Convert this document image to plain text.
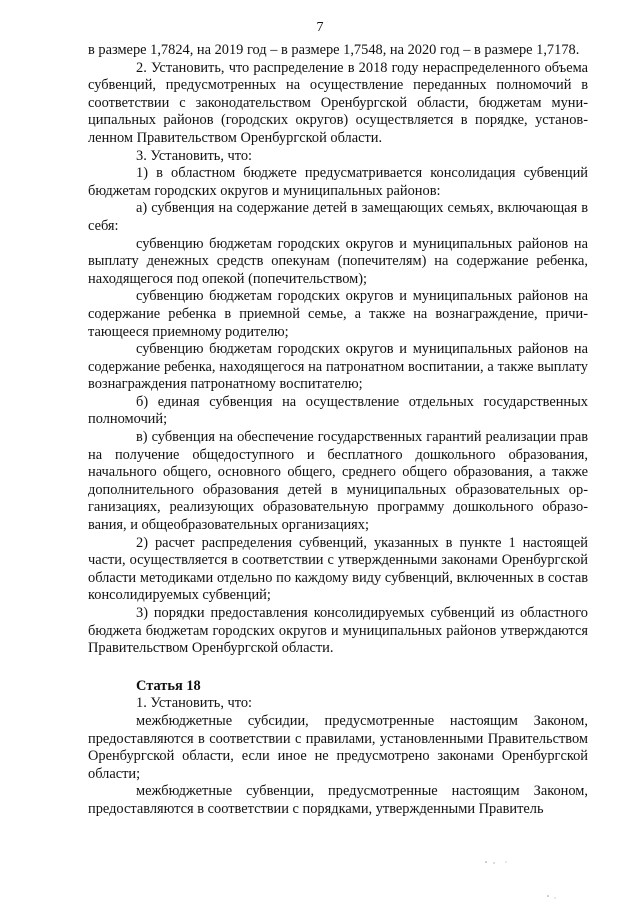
7

в размере 1,7824, на 2019 год – в размере 1,7548, на 2020 год – в размере 1,7178.

2. Установить, что распределение в 2018 году нераспределенного объема субвенций, предусмотренных на осуществление переданных полномочий в соответствии с законодательством Оренбургской области, бюджетам муниципальных районов (городских округов) осуществляется в порядке, установленном Правительством Оренбургской области.

3. Установить, что:

1) в областном бюджете предусматривается консолидация субвенций бюджетам городских округов и муниципальных районов:

а) субвенция на содержание детей в замещающих семьях, включающая в себя:

субвенцию бюджетам городских округов и муниципальных районов на выплату денежных средств опекунам (попечителям) на содержание ребенка, находящегося под опекой (попечительством);

субвенцию бюджетам городских округов и муниципальных районов на содержание ребенка в приемной семье, а также на вознаграждение, причитающееся приемному родителю;

субвенцию бюджетам городских округов и муниципальных районов на содержание ребенка, находящегося на патронатном воспитании, а также выплату вознаграждения патронатному воспитателю;

б) единая субвенция на осуществление отдельных государственных полномочий;

в) субвенция на обеспечение государственных гарантий реализации прав на получение общедоступного и бесплатного дошкольного образования, начального общего, основного общего, среднего общего образования, а также дополнительного образования детей в муниципальных образовательных организациях, реализующих образовательную программу дошкольного образования, и общеобразовательных организациях;

2) расчет распределения субвенций, указанных в пункте 1 настоящей части, осуществляется в соответствии с утвержденными законами Оренбургской области методиками отдельно по каждому виду субвенций, включенных в состав консолидируемых субвенций;

3) порядки предоставления консолидируемых субвенций из областного бюджета бюджетам городских округов и муниципальных районов утверждаются Правительством Оренбургской области.

Статья 18

1. Установить, что:

межбюджетные субсидии, предусмотренные настоящим Законом, предоставляются в соответствии с правилами, установленными Правительством Оренбургской области, если иное не предусмотрено законами Оренбургской области;

межбюджетные субвенции, предусмотренные настоящим Законом, предоставляются в соответствии с порядками, утвержденными Правитель
